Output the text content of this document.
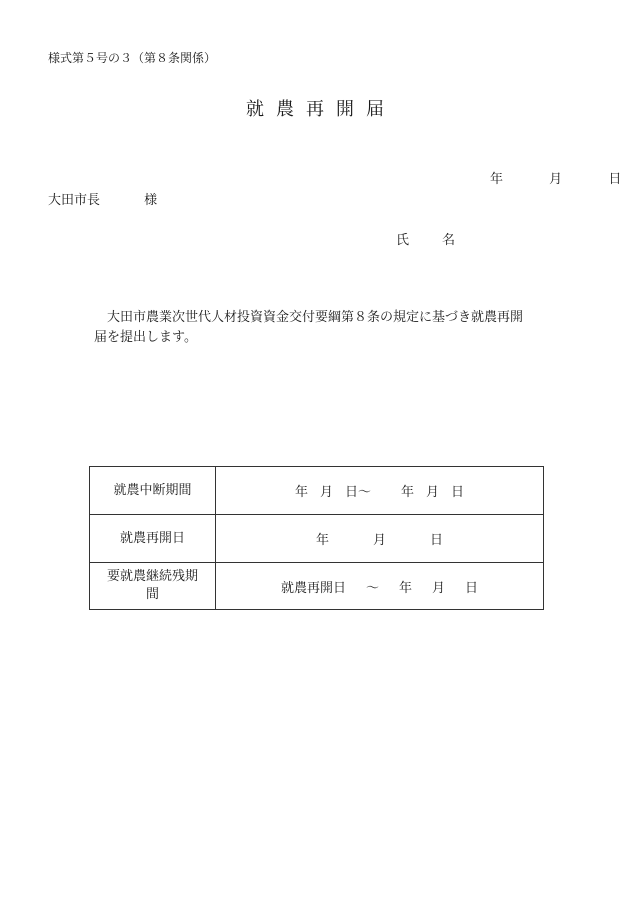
様式第５号の３（第８条関係）
就農再開届
年	月	日
大田市長	様
氏　名
大田市農業次世代人材投資資金交付要綱第８条の規定に基づき就農再開届を提出します。
就農中断期間	年 月 日～ 年 月 日
就農再開日	年 月 日
要就農継続残期間	就農再開日 ～ 年 月 日
